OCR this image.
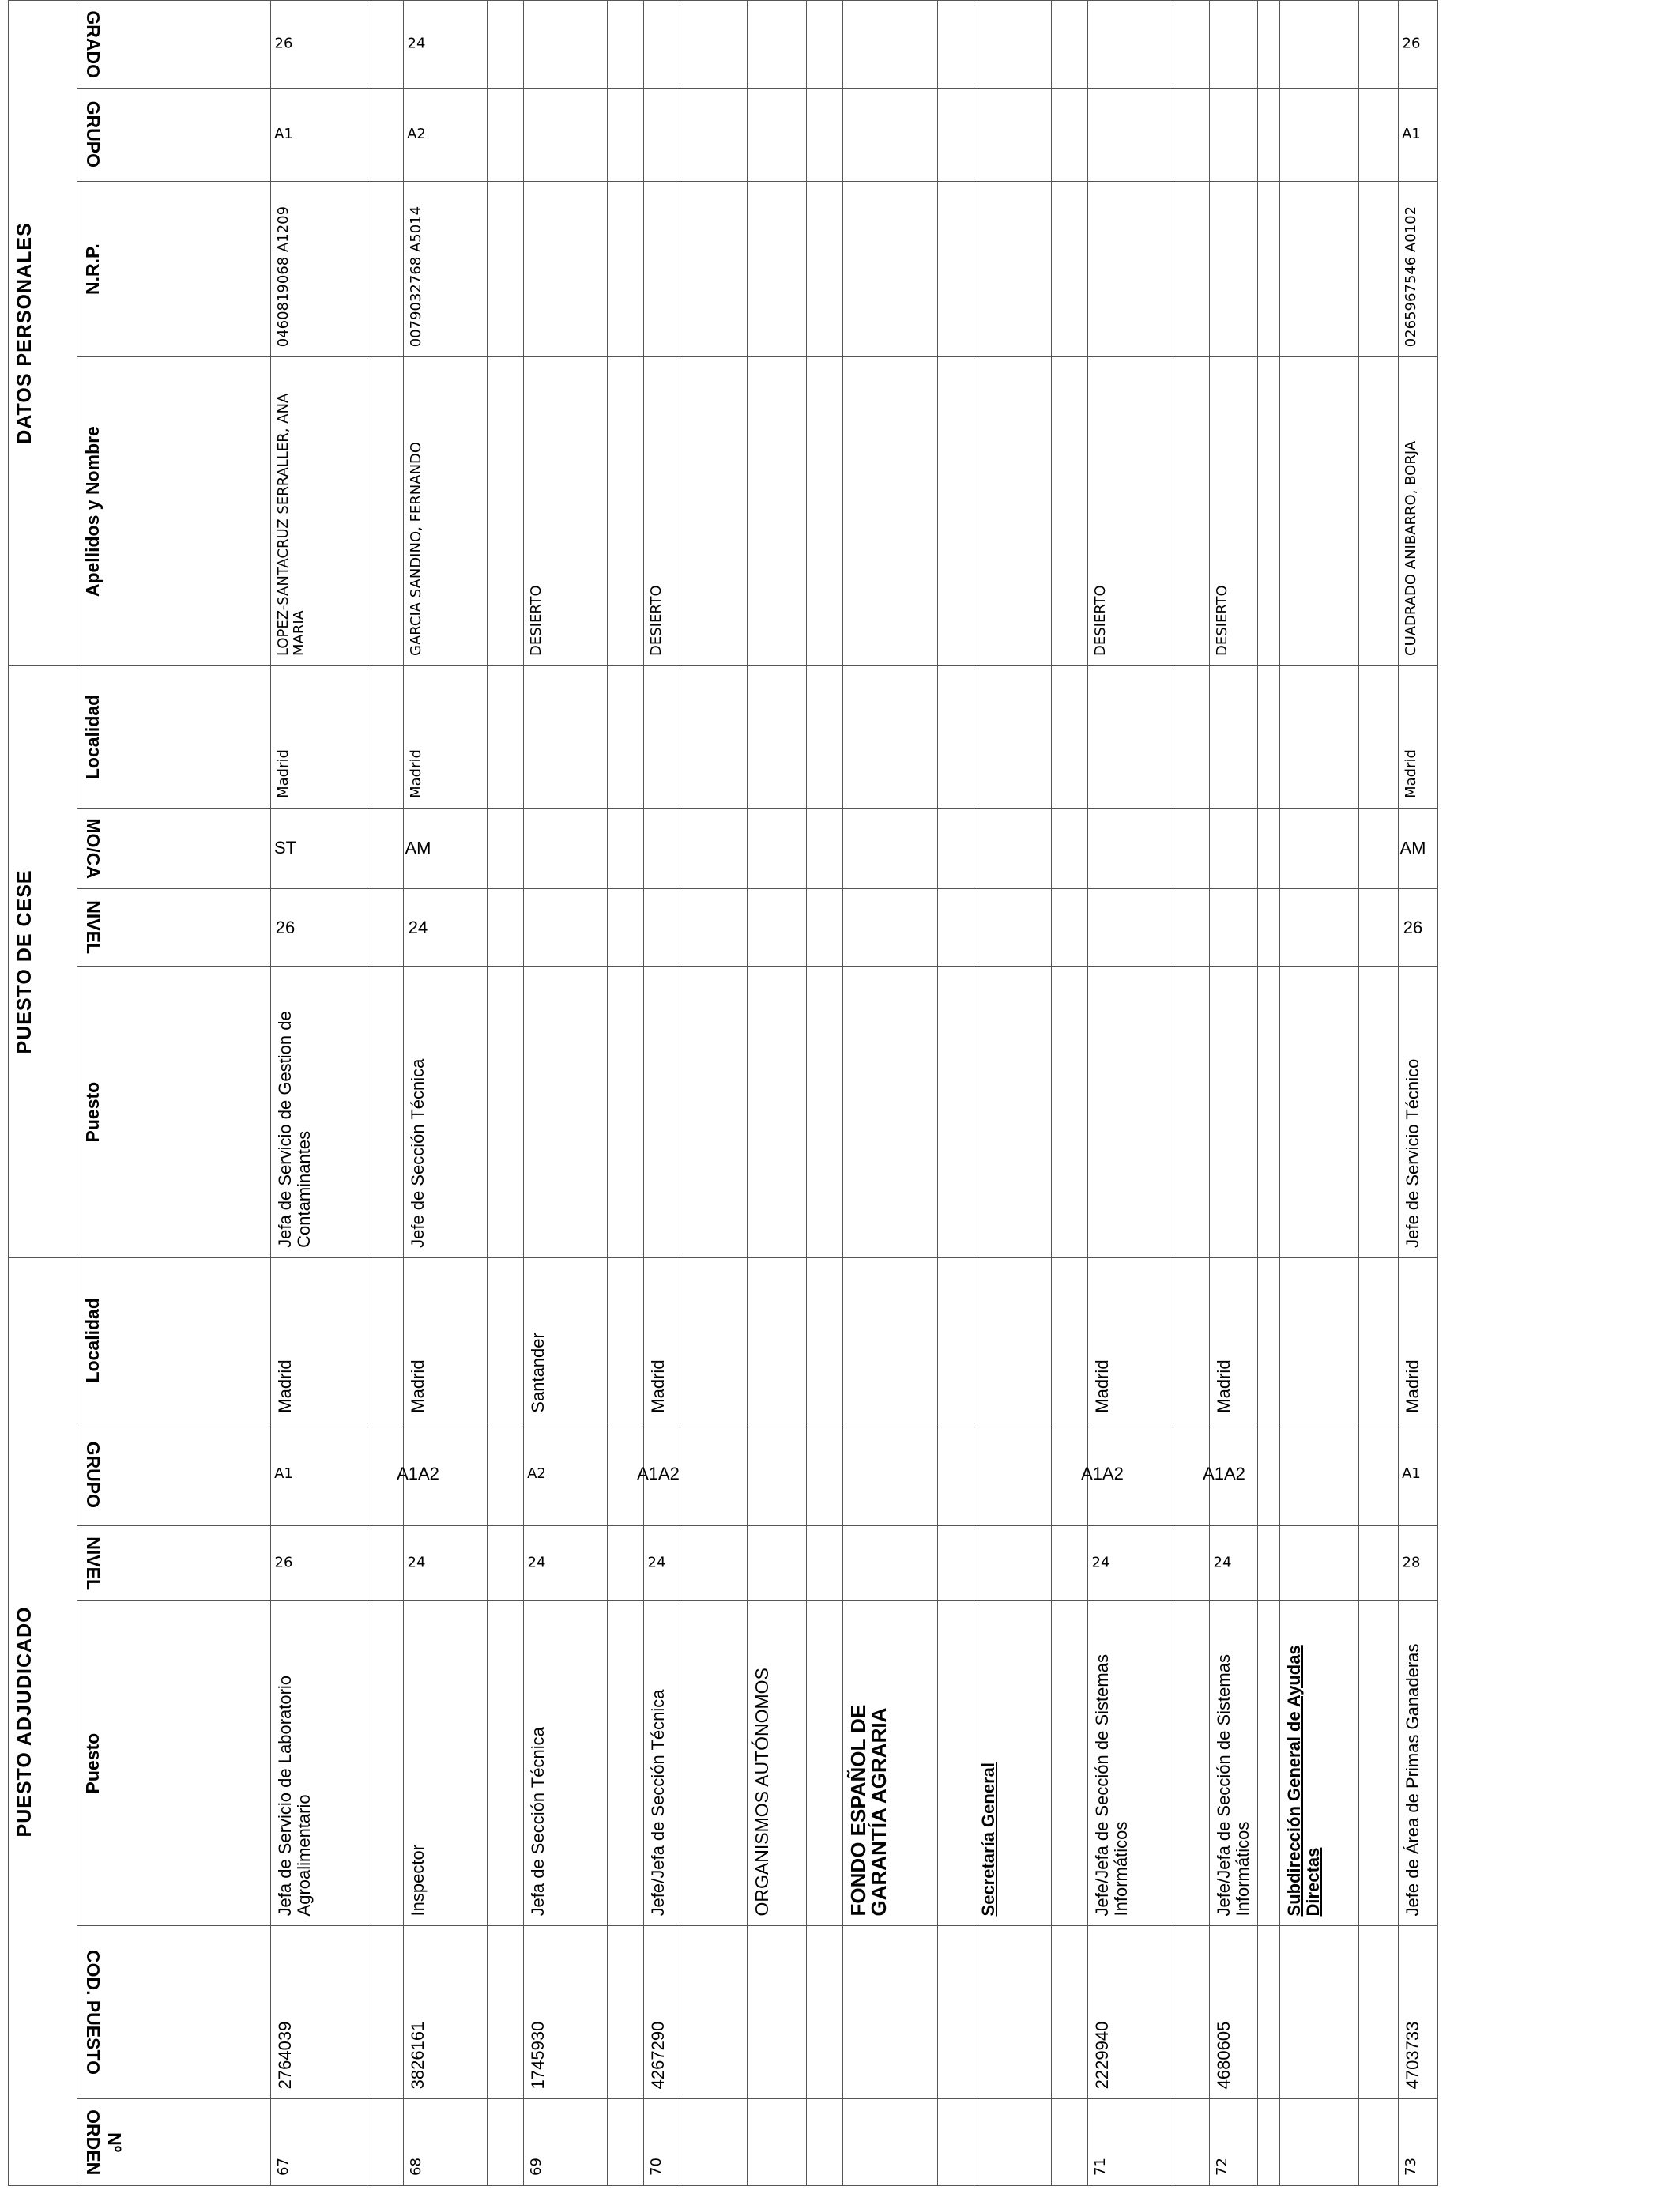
PUESTO ADJUDICADO						PUESTO DE CESE				DATOS PERSONALES			
Nº ORDEN	COD. PUESTO	Puesto	NIVEL	GRUPO	Localidad	Puesto	NIVEL	MO/CA	Localidad	Apellidos y Nombre	N.R.P.	GRUPO	GRADO
67	2764039	Jefa de Servicio de Laboratorio Agroalimentario	26	A1	Madrid	Jefa de Servicio de Gestion de Contaminantes	26	ST	Madrid	LOPEZ-SANTACRUZ SERRALLER, ANA MARIA	0460819068 A1209	A1	26

68	3826161	Inspector	24	A1A2	Madrid	Jefe de Sección Técnica	24	AM	Madrid	GARCIA SANDINO, FERNANDO	0079032768 A5014	A2	24

69	1745930	Jefa de Sección Técnica	24	A2	Santander					DESIERTO			

70	4267290	Jefe/Jefa de Sección Técnica	24	A1A2	Madrid					DESIERTO			

		ORGANISMOS AUTÓNOMOS											

		FONDO ESPAÑOL DE GARANTÍA AGRARIA											

		Secretaría General											

71	2229940	Jefe/Jefa de Sección de Sistemas Informáticos	24	A1A2	Madrid					DESIERTO			

72	4680605	Jefe/Jefa de Sección de Sistemas Informáticos	24	A1A2	Madrid					DESIERTO			

		Subdirección General de Ayudas Directas											

73	4703733	Jefe de Área de Primas Ganaderas	28	A1	Madrid	Jefe de Servicio Técnico	26	AM	Madrid	CUADRADO ANIBARRO, BORJA	0265967546 A0102	A1	26
